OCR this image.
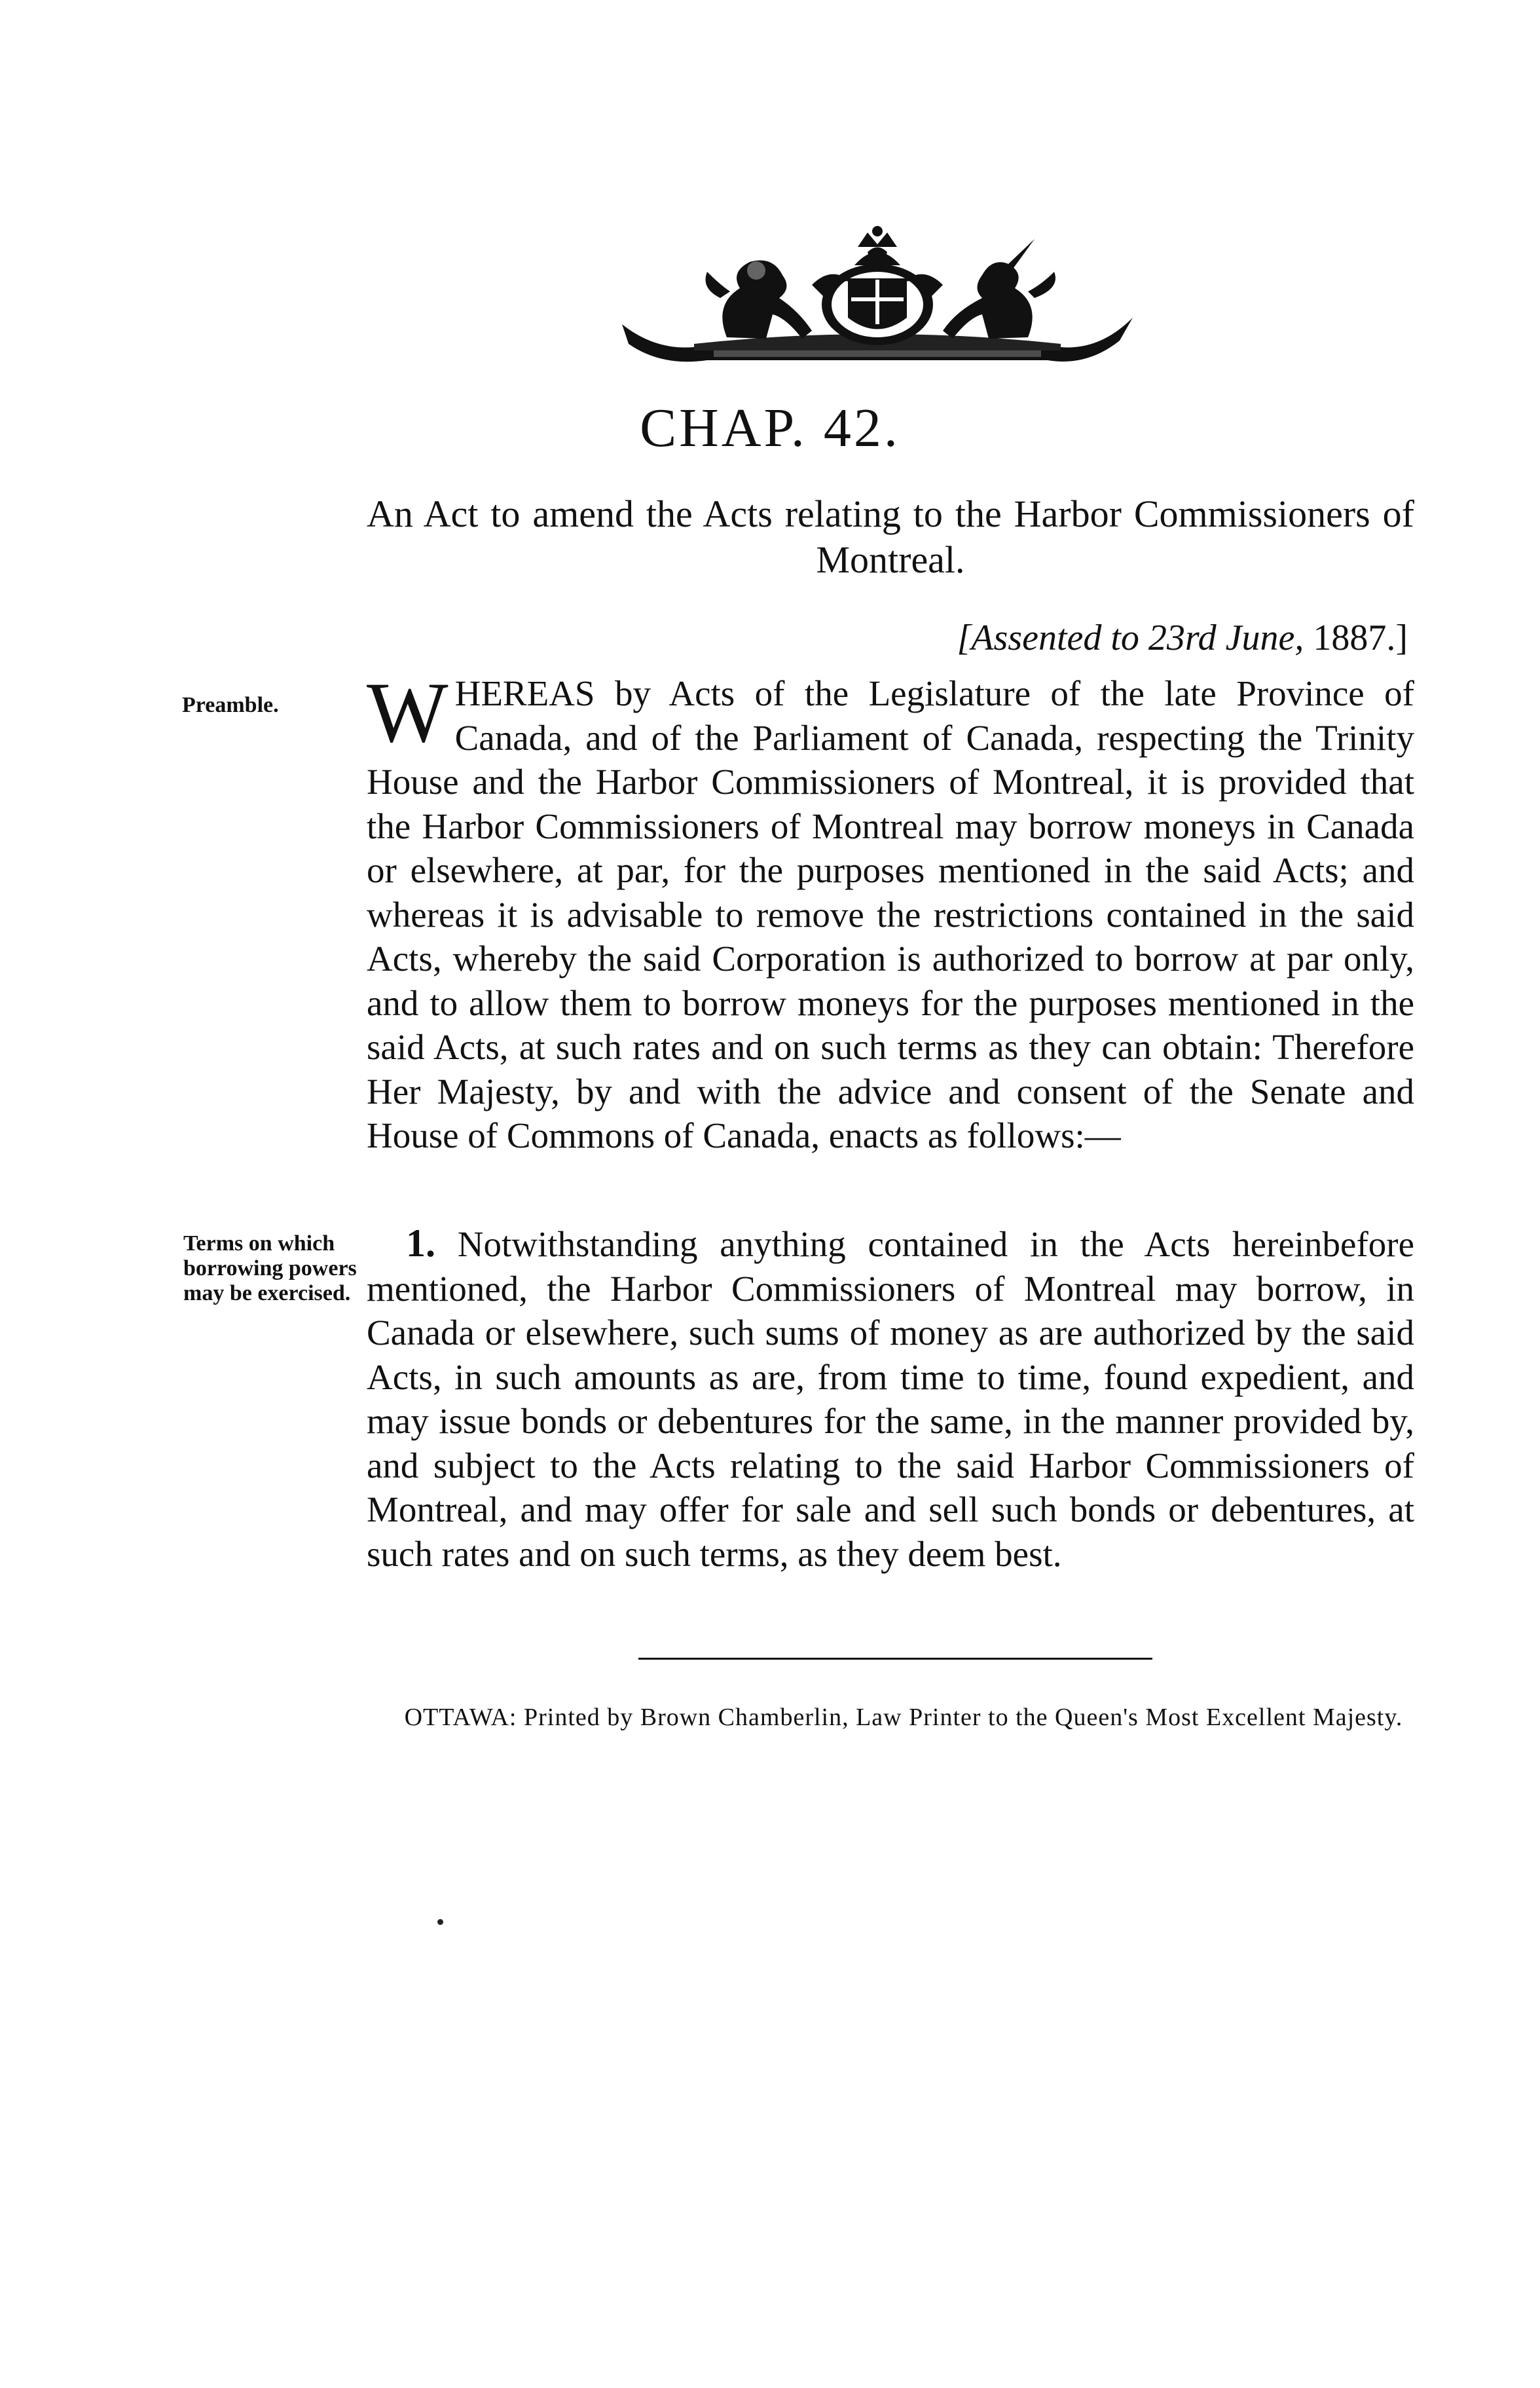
CHAP. 42.
An Act to amend the Acts relating to the Harbor Commissioners of Montreal.
[Assented to 23rd June, 1887.]
Preamble.	WHEREAS by Acts of the Legislature of the late Province of Canada, and of the Parliament of Canada, respecting the Trinity House and the Harbor Commissioners of Montreal, it is provided that the Harbor Commissioners of Montreal may borrow moneys in Canada or elsewhere, at par, for the purposes mentioned in the said Acts; and whereas it is advisable to remove the restrictions contained in the said Acts, whereby the said Corporation is authorized to borrow at par only, and to allow them to borrow moneys for the purposes mentioned in the said Acts, at such rates and on such terms as they can obtain: Therefore Her Majesty, by and with the advice and consent of the Senate and House of Commons of Canada, enacts as follows:—
Terms on which borrowing powers may be exercised.
1. Notwithstanding anything contained in the Acts hereinbefore mentioned, the Harbor Commissioners of Montreal may borrow, in Canada or elsewhere, such sums of money as are authorized by the said Acts, in such amounts as are, from time to time, found expedient, and may issue bonds or debentures for the same, in the manner provided by, and subject to the Acts relating to the said Harbor Commissioners of Montreal, and may offer for sale and sell such bonds or debentures, at such rates and on such terms, as they deem best.
OTTAWA: Printed by Brown Chamberlin, Law Printer to the Queen's Most Excellent Majesty.
